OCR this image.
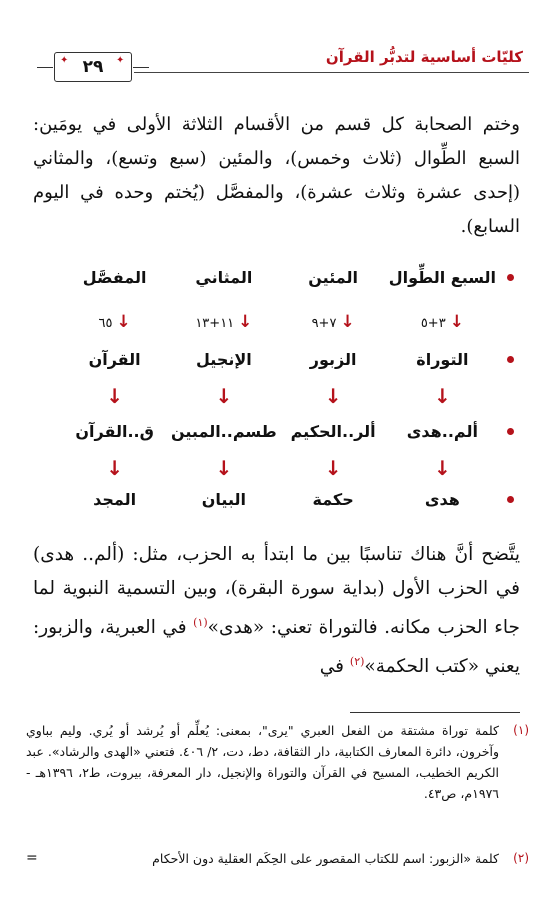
كليّات أساسية لتدبُّر القرآن
٢٩
✦	✦
وختم الصحابة كل قسم من الأقسام الثلاثة الأولى في يومَين: السبع الطِّوال (ثلاث وخمس)، والمئين (سبع وتسع)، والمثاني (إحدى عشرة وثلاث عشرة)، والمفصَّل (يُختم وحده في اليوم السابع).
السبع الطِّوال
المئين
المثاني
المفصَّل
↓٣+٥
↓٧+٩
↓١١+١٣
↓٦٥
التوراة
الزبور
الإنجيل
القرآن
↓
↓
↓
↓
ألم..هدى
ألر..الحكيم
طسم..المبين
ق..القرآن
↓
↓
↓
↓
هدى
حكمة
البيان
المجد
يتَّضح أنَّ هناك تناسبًا بين ما ابتدأ به الحزب، مثل: (ألم.. هدى) في الحزب الأول (بداية سورة البقرة)، وبين التسمية النبوية لما جاء الحزب مكانه. فالتوراة تعني: «هدى»$^{(١)}$ في العبرية، والزبور: يعني «كتب الحكمة»$^{(٢)}$ في
(١)
كلمة توراة مشتقة من الفعل العبري "يرى"، بمعنى: يُعلِّم أو يُرشد أو يُري. وليم بباوي وآخرون، دائرة المعارف الكتابية، دار الثقافة، دط، دت، ٢/ ٤٠٦. فتعني «الهدى والرشاد». عبد الكريم الخطيب، المسيح في القرآن والتوراة والإنجيل، دار المعرفة، بيروت، ط٢، ١٣٩٦هـ - ١٩٧٦م، ص٤٣.
(٢)
كلمة «الزبور: اسم للكتاب المقصور على الحِكَم العقلية دون الأحكام
=
